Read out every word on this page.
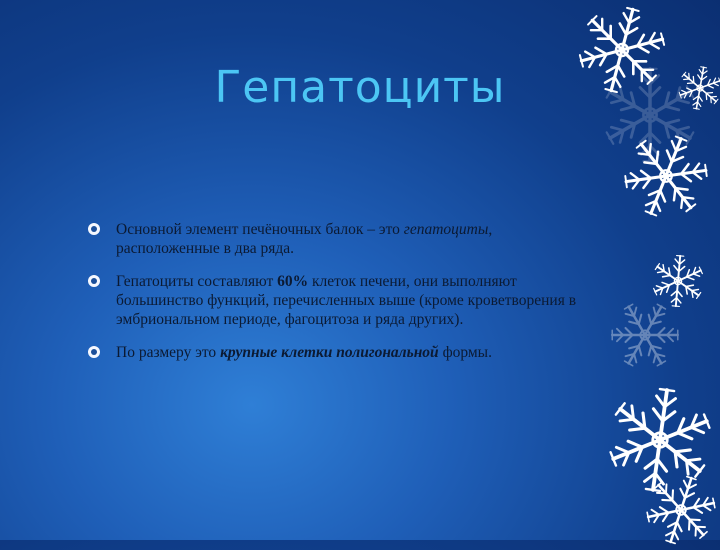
Гепатоциты
Основной элемент печёночных балок – это гепатоциты, расположенные в два ряда.
Гепатоциты составляют 60% клеток печени, они выполняют большинство функций, перечисленных выше (кроме кроветворения в эмбриональном периоде, фагоцитоза и ряда других).
По размеру это крупные клетки полигональной формы.
